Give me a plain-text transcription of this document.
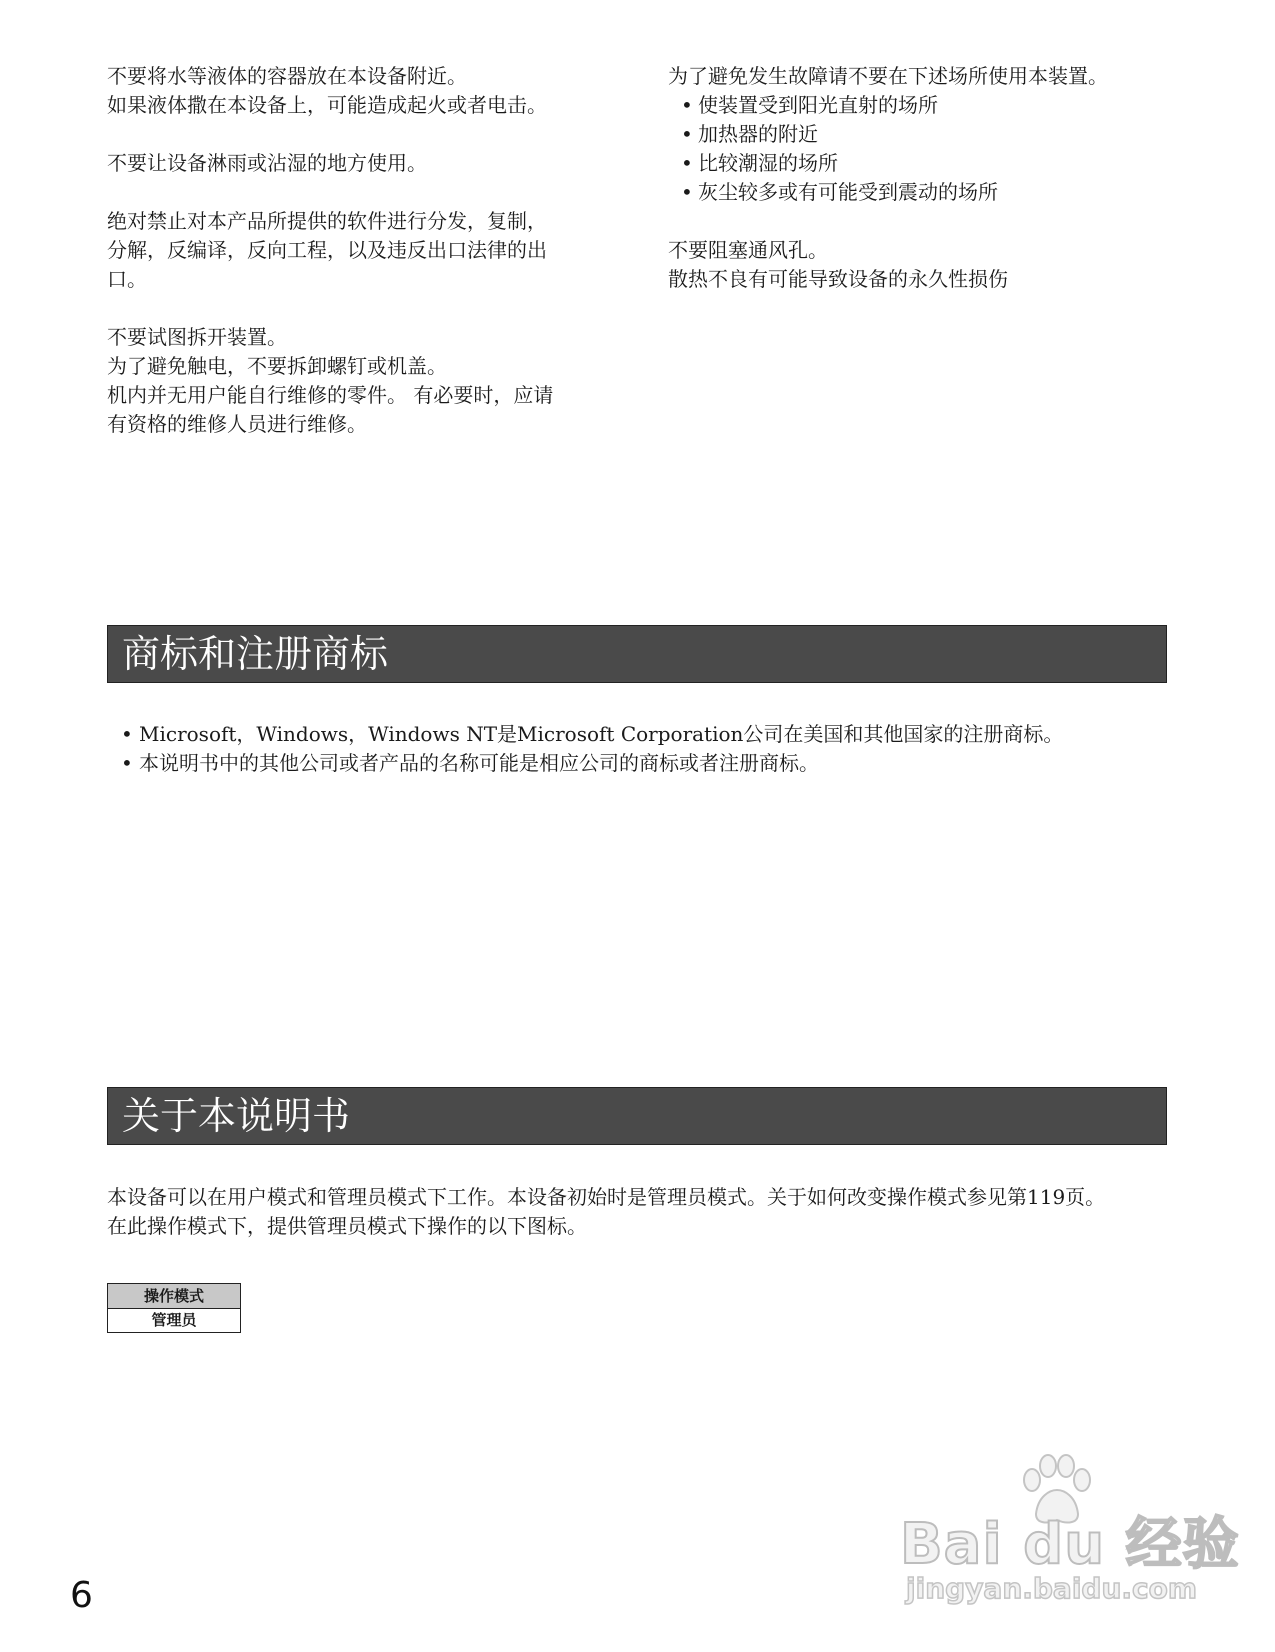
不要将水等液体的容器放在本设备附近。

如果液体撒在本设备上，可能造成起火或者电击。

不要让设备淋雨或沾湿的地方使用。

绝对禁止对本产品所提供的软件进行分发，复制，

分解，反编译，反向工程，以及违反出口法律的出

口。

不要试图拆开装置。

为了避免触电，不要拆卸螺钉或机盖。

机内并无用户能自行维修的零件。 有必要时，应请

有资格的维修人员进行维修。

为了避免发生故障请不要在下述场所使用本装置。

• 使装置受到阳光直射的场所
• 加热器的附近
• 比较潮湿的场所
• 灰尘较多或有可能受到震动的场所

不要阻塞通风孔。

散热不良有可能导致设备的永久性损伤

商标和注册商标
• Microsoft，Windows，Windows NT是Microsoft Corporation公司在美国和其他国家的注册商标。
• 本说明书中的其他公司或者产品的名称可能是相应公司的商标或者注册商标。
关于本说明书

本设备可以在用户模式和管理员模式下工作。本设备初始时是管理员模式。关于如何改变操作模式参见第119页。

在此操作模式下，提供管理员模式下操作的以下图标。

操作模式
管理员
Bai du 经验
jingyan.baidu.com
6
